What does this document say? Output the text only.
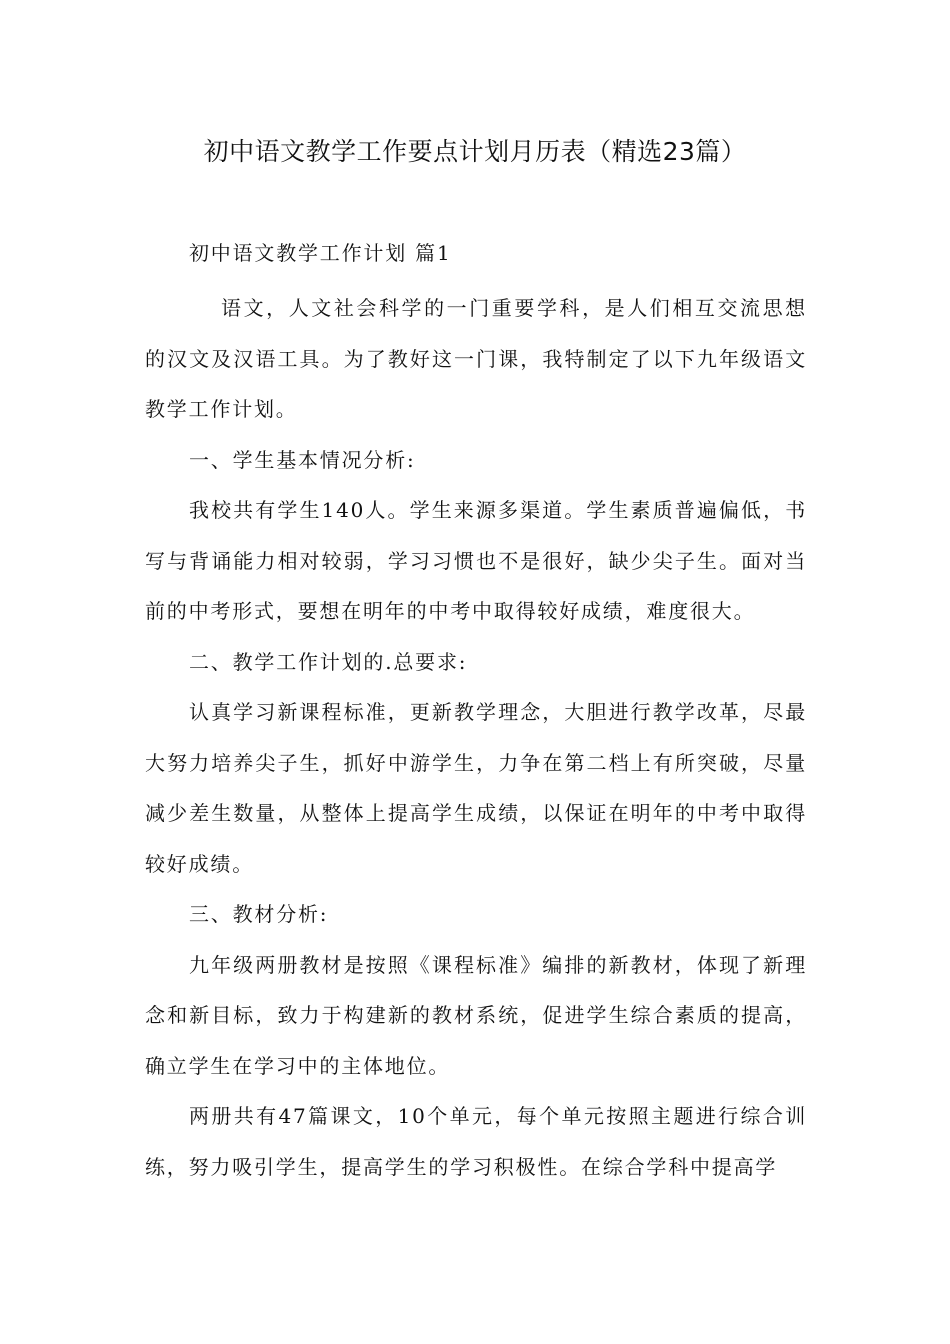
初中语文教学工作要点计划月历表（精选23篇）
初中语文教学工作计划 篇1

语文，人文社会科学的一门重要学科，是人们相互交流思想的汉文及汉语工具。为了教好这一门课，我特制定了以下九年级语文教学工作计划。

一、学生基本情况分析:

我校共有学生140人。学生来源多渠道。学生素质普遍偏低，书写与背诵能力相对较弱，学习习惯也不是很好，缺少尖子生。面对当前的中考形式，要想在明年的中考中取得较好成绩，难度很大。

二、教学工作计划的.总要求:

认真学习新课程标准，更新教学理念，大胆进行教学改革，尽最大努力培养尖子生，抓好中游学生，力争在第二档上有所突破，尽量减少差生数量，从整体上提高学生成绩，以保证在明年的中考中取得较好成绩。

三、教材分析:

九年级两册教材是按照《课程标准》编排的新教材，体现了新理念和新目标，致力于构建新的教材系统，促进学生综合素质的提高，确立学生在学习中的主体地位。

两册共有47篇课文，10个单元，每个单元按照主题进行综合训练，努力吸引学生，提高学生的学习积极性。在综合学科中提高学
